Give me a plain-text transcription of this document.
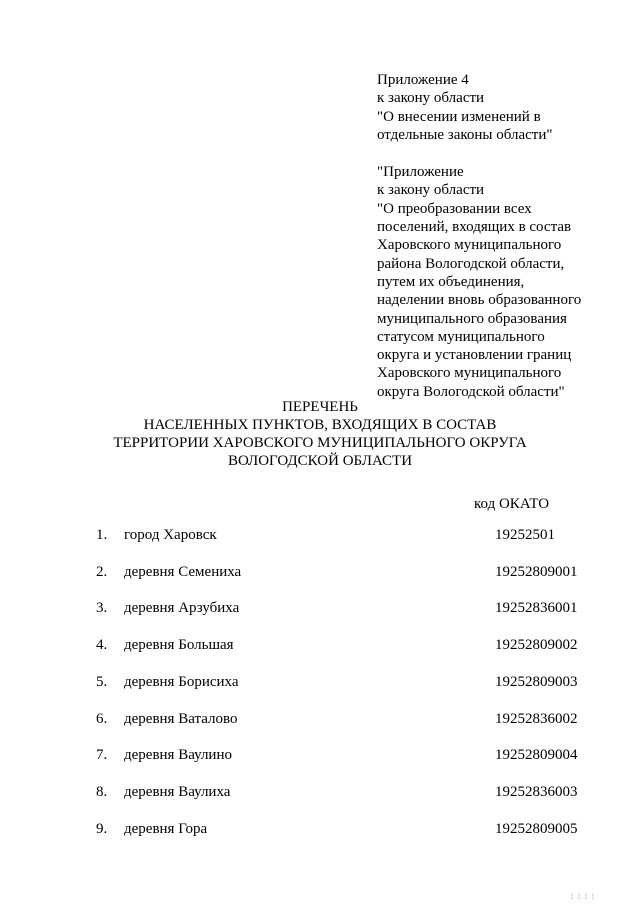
Приложение 4
к закону области
"О внесении изменений в
отдельные законы области"
"Приложение
к закону области
"О преобразовании всех
поселений, входящих в состав
Харовского муниципального
района Вологодской области,
путем их объединения,
наделении вновь образованного
муниципального образования
статусом муниципального
округа и установлении границ
Харовского муниципального
округа Вологодской области"
ПЕРЕЧЕНЬ
НАСЕЛЕННЫХ ПУНКТОВ, ВХОДЯЩИХ В СОСТАВ
ТЕРРИТОРИИ ХАРОВСКОГО МУНИЦИПАЛЬНОГО ОКРУГА
ВОЛОГОДСКОЙ ОБЛАСТИ
код ОКАТО
1. город Харовск	19252501
2. деревня Семениха	19252809001
3. деревня Арзубиха	19252836001
4. деревня Большая	19252809002
5. деревня Борисиха	19252809003
6. деревня Ваталово	19252836002
7. деревня Ваулино	19252809004
8. деревня Ваулиха	19252836003
9. деревня Гора	19252809005
⋮⋮⋮⋮
